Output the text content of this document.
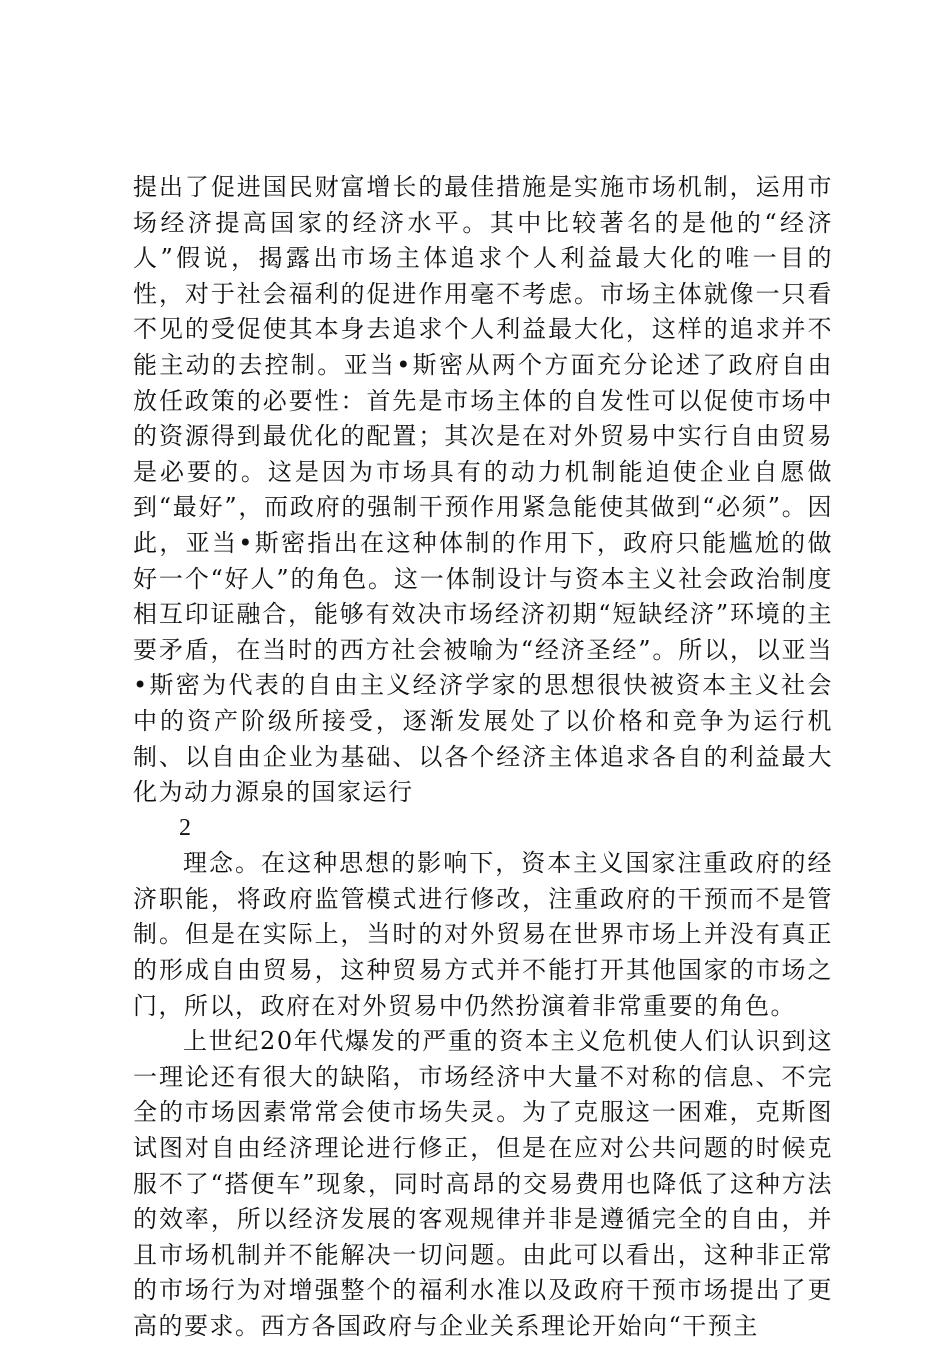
提出了促进国民财富增长的最佳措施是实施市场机制，运用市场经济提高国家的经济水平。其中比较著名的是他的“经济人”假说，揭露出市场主体追求个人利益最大化的唯一目的性，对于社会福利的促进作用毫不考虑。市场主体就像一只看不见的受促使其本身去追求个人利益最大化，这样的追求并不能主动的去控制。亚当•斯密从两个方面充分论述了政府自由放任政策的必要性：首先是市场主体的自发性可以促使市场中的资源得到最优化的配置；其次是在对外贸易中实行自由贸易是必要的。这是因为市场具有的动力机制能迫使企业自愿做到“最好”，而政府的强制干预作用紧急能使其做到“必须”。因此，亚当•斯密指出在这种体制的作用下，政府只能尴尬的做好一个“好人”的角色。这一体制设计与资本主义社会政治制度相互印证融合，能够有效决市场经济初期“短缺经济”环境的主要矛盾，在当时的西方社会被喻为“经济圣经”。所以，以亚当•斯密为代表的自由主义经济学家的思想很快被资本主义社会中的资产阶级所接受，逐渐发展处了以价格和竞争为运行机制、以自由企业为基础、以各个经济主体追求各自的利益最大化为动力源泉的国家运行

2

理念。在这种思想的影响下，资本主义国家注重政府的经济职能，将政府监管模式进行修改，注重政府的干预而不是管制。但是在实际上，当时的对外贸易在世界市场上并没有真正的形成自由贸易，这种贸易方式并不能打开其他国家的市场之门，所以，政府在对外贸易中仍然扮演着非常重要的角色。

上世纪20年代爆发的严重的资本主义危机使人们认识到这一理论还有很大的缺陷，市场经济中大量不对称的信息、不完全的市场因素常常会使市场失灵。为了克服这一困难，克斯图试图对自由经济理论进行修正，但是在应对公共问题的时候克服不了“搭便车”现象，同时高昂的交易费用也降低了这种方法的效率，所以经济发展的客观规律并非是遵循完全的自由，并且市场机制并不能解决一切问题。由此可以看出，这种非正常的市场行为对增强整个的福利水准以及政府干预市场提出了更高的要求。西方各国政府与企业关系理论开始向“干预主
